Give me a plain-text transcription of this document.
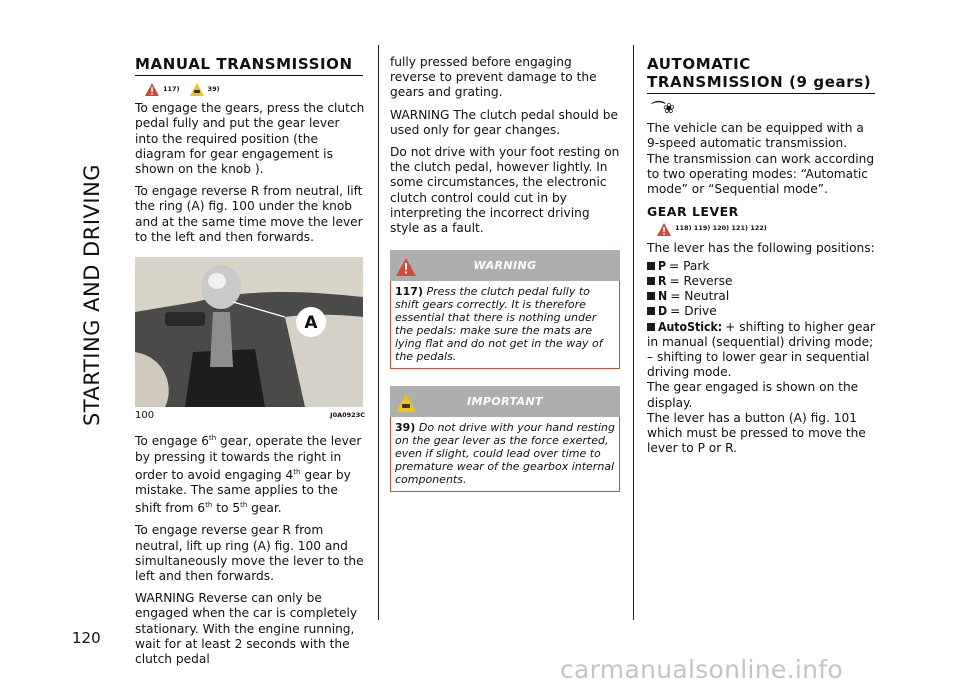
STARTING AND DRIVING
120
MANUAL TRANSMISSION
117)	39)

To engage the gears, press the clutch pedal fully and put the gear lever into the required position (the diagram for gear engagement is shown on the knob ).

To engage reverse R from neutral, lift the ring (A) fig. 100 under the knob and at the same time move the lever to the left and then forwards.

A
100	J0A0923C

To engage 6th gear, operate the lever by pressing it towards the right in order to avoid engaging 4th gear by mistake. The same applies to the shift from 6th to 5th gear.

To engage reverse gear R from neutral, lift up ring (A) fig. 100 and simultaneously move the lever to the left and then forwards.

WARNING Reverse can only be engaged when the car is completely stationary. With the engine running, wait for at least 2 seconds with the clutch pedal

fully pressed before engaging reverse to prevent damage to the gears and grating.

WARNING The clutch pedal should be used only for gear changes.

Do not drive with your foot resting on the clutch pedal, however lightly. In some circumstances, the electronic clutch control could cut in by interpreting the incorrect driving style as a fault.

WARNING
117) Press the clutch pedal fully to shift gears correctly. It is therefore essential that there is nothing under the pedals: make sure the mats are lying flat and do not get in the way of the pedals.
IMPORTANT
39) Do not drive with your hand resting on the gear lever as the force exerted, even if slight, could lead over time to premature wear of the gearbox internal components.
AUTOMATIC
TRANSMISSION (9 gears)
⌒❀

The vehicle can be equipped with a 9-speed automatic transmission.

The transmission can work according to two operating modes: “Automatic mode” or “Sequential mode”.

GEAR LEVER
118) 119) 120) 121) 122)

The lever has the following positions:

P = Park
R = Reverse
N = Neutral
D = Drive
AutoStick: + shifting to higher gear

in manual (sequential) driving mode;

– shifting to lower gear in sequential driving mode.

The gear engaged is shown on the display.

The lever has a button (A) fig. 101 which must be pressed to move the lever to P or R.

carmanualsonline.info
